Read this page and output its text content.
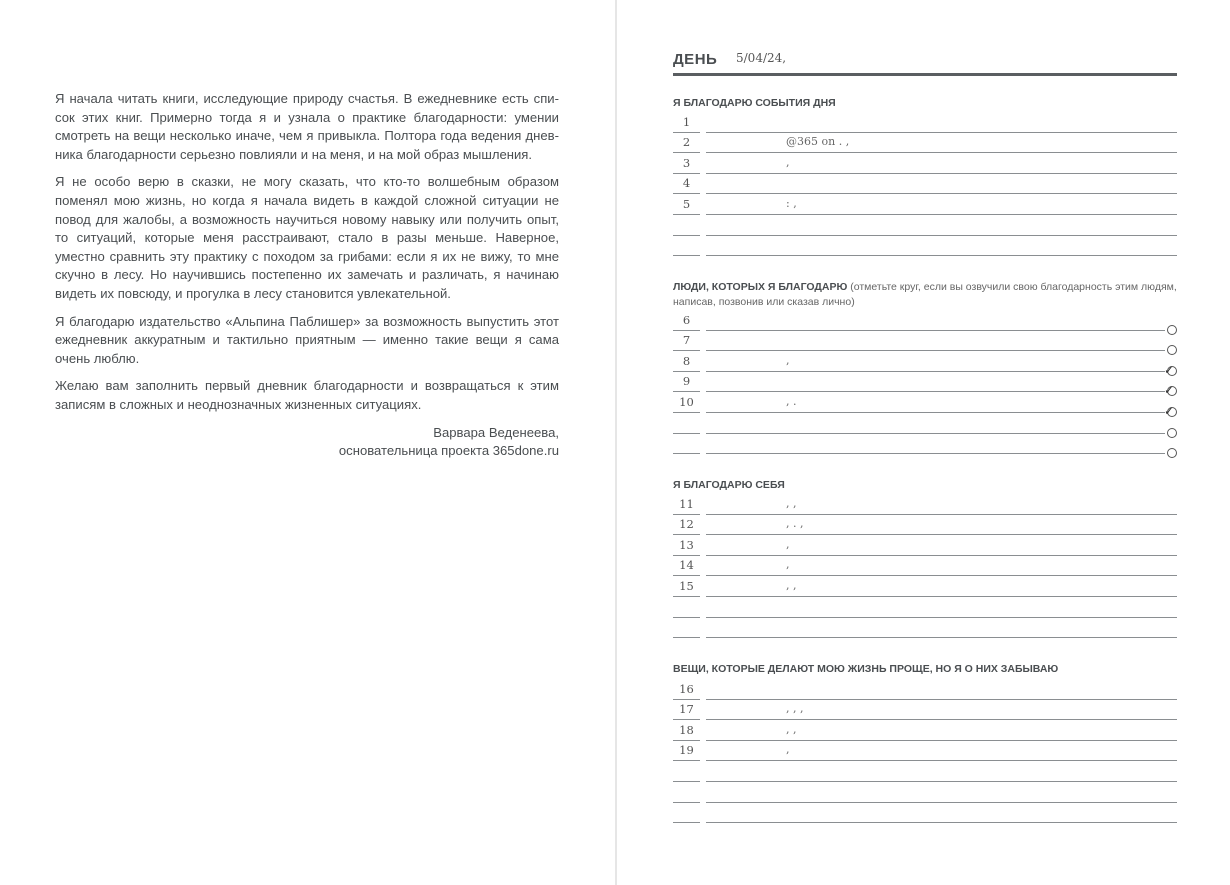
Я начала читать книги, исследующие природу счастья. В ежедневнике есть список этих книг. Примерно тогда я и узнала о практике благодарности: умении смотреть на вещи несколько иначе, чем я привыкла. Полтора года ведения дневника благодарности серьезно повлияли и на меня, и на мой образ мышления.

Я не особо верю в сказки, не могу сказать, что кто-то волшебным образом поменял мою жизнь, но когда я начала видеть в каждой сложной ситуации не повод для жалобы, а возможность научиться новому навыку или получить опыт, то ситуаций, которые меня расстраивают, стало в разы меньше. Наверное, уместно сравнить эту практику с походом за грибами: если я их не вижу, то мне скучно в лесу. Но научившись постепенно их замечать и различать, я начинаю видеть их повсюду, и прогулка в лесу становится увлекательной.

Я благодарю издательство «Альпина Паблишер» за возможность выпустить этот ежедневник аккуратным и тактильно приятным — именно такие вещи я сама очень люблю.

Желаю вам заполнить первый дневник благодарности и возвращаться к этим записям в сложных и неоднозначных жизненных ситуациях.

Варвара Веденеева,
основательница проекта 365done.ru
ДЕНЬ 5/04/24,
Я БЛАГОДАРЮ СОБЫТИЯ ДНЯ
1
2	@365 on . ,
3	,
4
5	: ,
ЛЮДИ, КОТОРЫХ Я БЛАГОДАРЮ (отметьте круг, если вы озвучили свою благодарность этим людям, написав, позвонив или сказав лично)
6
7
8	,
✓
9
✓
10	, .
✓
Я БЛАГОДАРЮ СЕБЯ
11	, ,
12	, . ,
13	,
14	,
15	, ,
ВЕЩИ, КОТОРЫЕ ДЕЛАЮТ МОЮ ЖИЗНЬ ПРОЩЕ, НО Я О НИХ ЗАБЫВАЮ
16
17	, , ,
18	, ,
19	,
